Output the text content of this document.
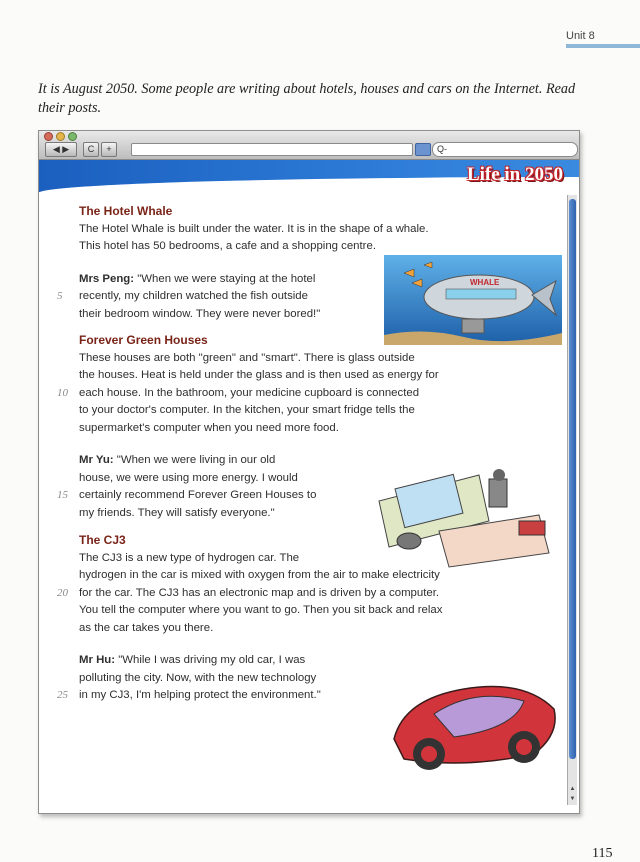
Unit 8
It is August 2050. Some people are writing about hotels, houses and cars on the Internet. Read their posts.
◀ ▶	C	+	Q-
Life in 2050
▲
▼

The Hotel Whale

The Hotel Whale is built under the water. It is in the shape of a whale.

This hotel has 50 bedrooms, a cafe and a shopping centre.

Mrs Peng: "When we were staying at the hotel

5 recently, my children watched the fish outside

their bedroom window. They were never bored!"

Forever Green Houses

These houses are both "green" and "smart". There is glass outside

the houses. Heat is held under the glass and is then used as energy for

10 each house. In the bathroom, your medicine cupboard is connected

to your doctor's computer. In the kitchen, your smart fridge tells the

supermarket's computer when you need more food.

Mr Yu: "When we were living in our old

house, we were using more energy. I would

15 certainly recommend Forever Green Houses to

my friends. They will satisfy everyone."

The CJ3

The CJ3 is a new type of hydrogen car. The

hydrogen in the car is mixed with oxygen from the air to make electricity

20 for the car. The CJ3 has an electronic map and is driven by a computer.

You tell the computer where you want to go. Then you sit back and relax

as the car takes you there.

Mr Hu: "While I was driving my old car, I was

polluting the city. Now, with the new technology

25 in my CJ3, I'm helping protect the environment."

WHALE
CJ3
115
